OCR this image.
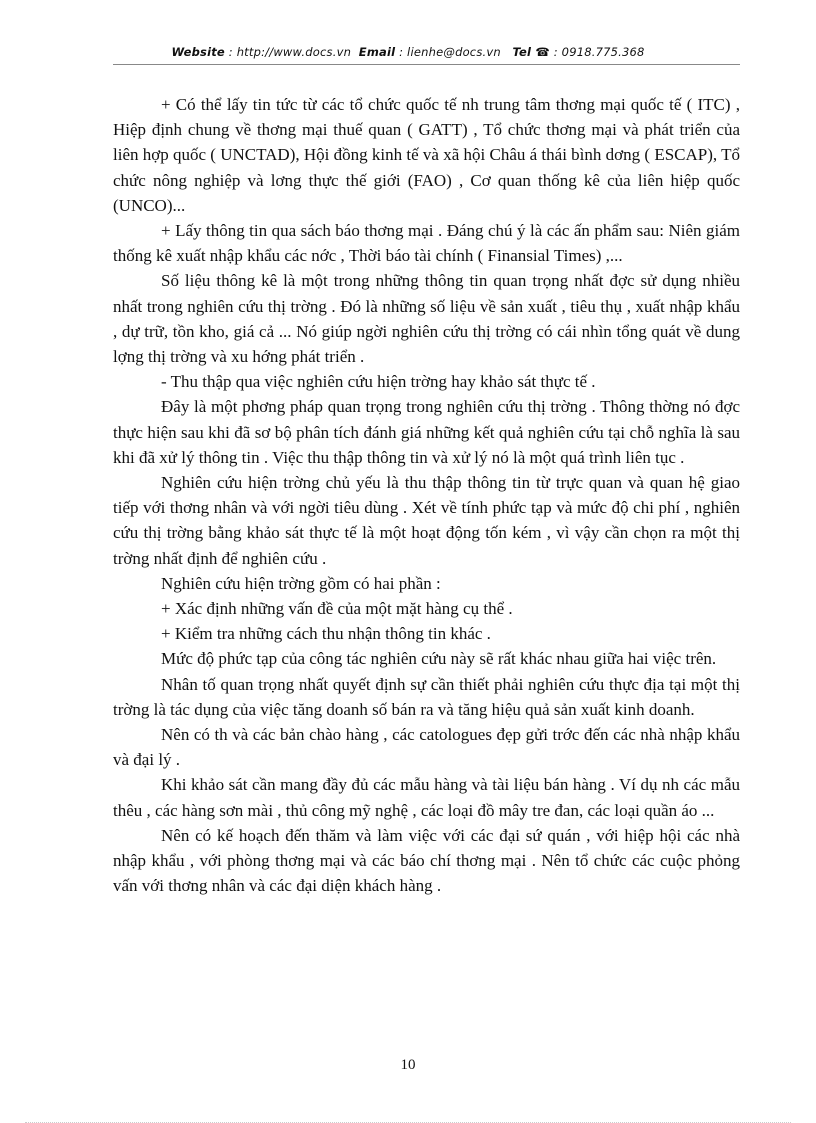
Website : http://www.docs.vn Email : lienhe@docs.vn Tel ☎ : 0918.775.368

+ Có thể lấy tin tức từ các tổ chức quốc tế nh trung tâm thơng mại quốc tế ( ITC) , Hiệp định chung về thơng mại thuế quan ( GATT) , Tổ chức thơng mại và phát triển của liên hợp quốc ( UNCTAD), Hội đồng kinh tế và xã hội Châu á thái bình dơng ( ESCAP), Tổ chức nông nghiệp và lơng thực thế giới (FAO) , Cơ quan thống kê của liên hiệp quốc (UNCO)...

+ Lấy thông tin qua sách báo thơng mại . Đáng chú ý là các ấn phẩm sau: Niên giám thống kê xuất nhập khẩu các nớc , Thời báo tài chính ( Finansial Times) ,...

Số liệu thông kê là một trong những thông tin quan trọng nhất đợc sử dụng nhiều nhất trong nghiên cứu thị trờng . Đó là những số liệu về sản xuất , tiêu thụ , xuất nhập khẩu , dự trữ, tồn kho, giá cả ... Nó giúp ngời nghiên cứu thị trờng có cái nhìn tổng quát về dung lợng thị trờng và xu hớng phát triển .

- Thu thập qua việc nghiên cứu hiện trờng hay khảo sát thực tế .

Đây là một phơng pháp quan trọng trong nghiên cứu thị trờng . Thông thờng nó đợc thực hiện sau khi đã sơ bộ phân tích đánh giá những kết quả nghiên cứu tại chỗ nghĩa là sau khi đã xử lý thông tin . Việc thu thập thông tin và xử lý nó là một quá trình liên tục .

Nghiên cứu hiện trờng chủ yếu là thu thập thông tin từ trực quan và quan hệ giao tiếp với thơng nhân và với ngời tiêu dùng . Xét về tính phức tạp và mức độ chi phí , nghiên cứu thị trờng bằng khảo sát thực tế là một hoạt động tốn kém , vì vậy cần chọn ra một thị trờng nhất định để nghiên cứu .

Nghiên cứu hiện trờng gồm có hai phần :

+ Xác định những vấn đề của một mặt hàng cụ thể .

+ Kiểm tra những cách thu nhận thông tin khác .

Mức độ phức tạp của công tác nghiên cứu này sẽ rất khác nhau giữa hai việc trên.

Nhân tố quan trọng nhất quyết định sự cần thiết phải nghiên cứu thực địa tại một thị trờng là tác dụng của việc tăng doanh số bán ra và tăng hiệu quả sản xuất kinh doanh.

Nên có th và các bản chào hàng , các catologues đẹp gửi trớc đến các nhà nhập khẩu và đại lý .

Khi khảo sát cần mang đầy đủ các mẫu hàng và tài liệu bán hàng . Ví dụ nh các mẫu thêu , các hàng sơn mài , thủ công mỹ nghệ , các loại đồ mây tre đan, các loại quần áo ...

Nên có kế hoạch đến thăm và làm việc với các đại sứ quán , với hiệp hội các nhà nhập khẩu , với phòng thơng mại và các báo chí thơng mại . Nên tổ chức các cuộc phỏng vấn với thơng nhân và các đại diện khách hàng .

10
